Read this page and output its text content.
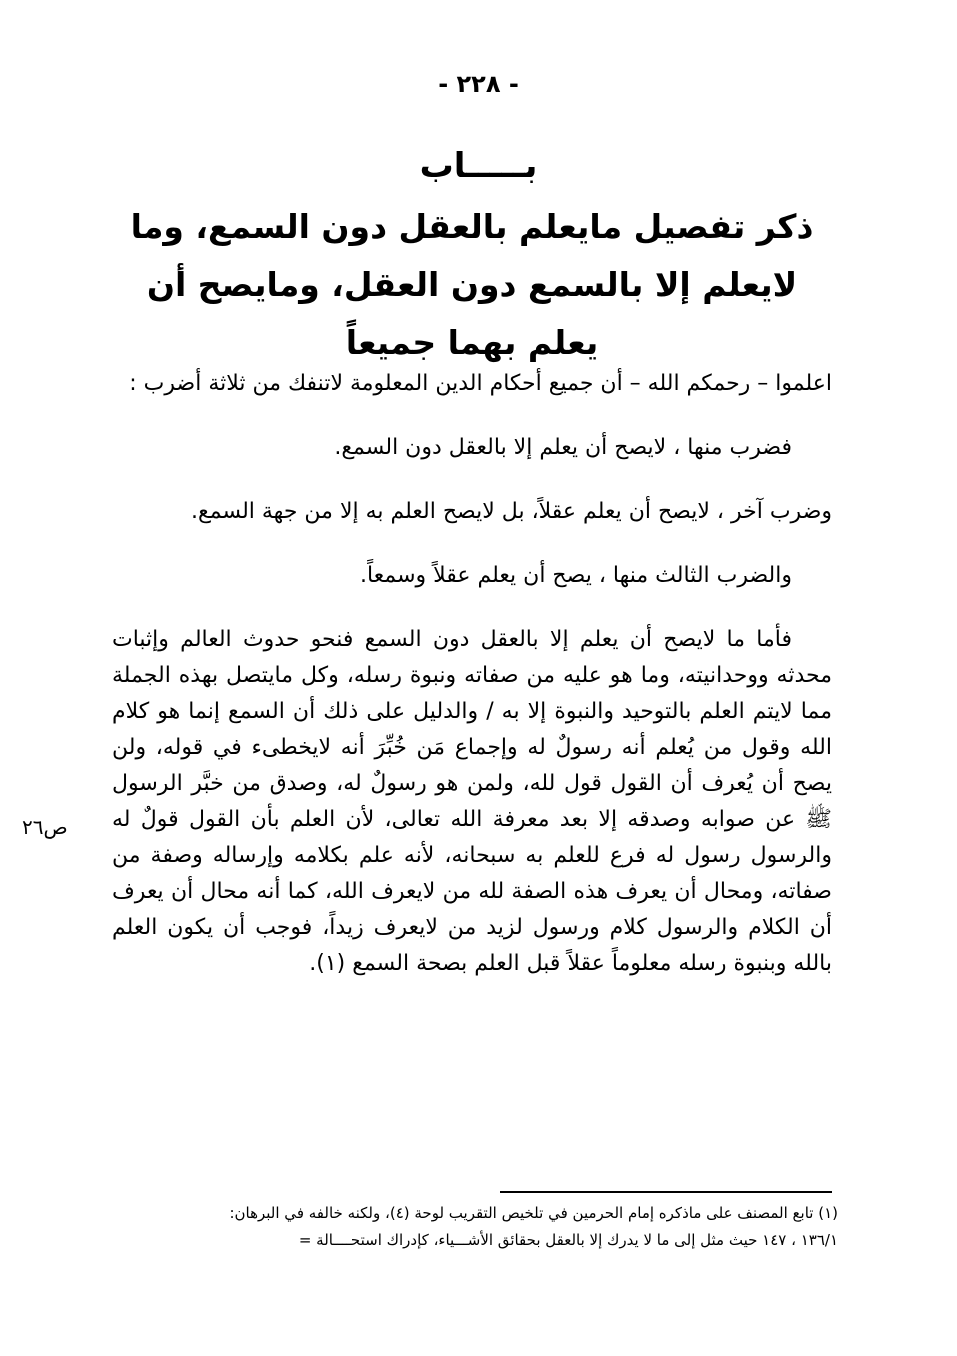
- ٢٢٨ -
بـــــاب
ذكر تفصيل مايعلم بالعقل دون السمع، وما لايعلم إلا بالسمع دون العقل، ومايصح أن يعلم بهما جميعاً

اعلموا – رحمكم الله – أن جميع أحكام الدين المعلومة لاتنفك من ثلاثة أضرب :

فضرب منها ، لايصح أن يعلم إلا بالعقل دون السمع.

وضرب آخر ، لايصح أن يعلم عقلاً، بل لايصح العلم به إلا من جهة السمع.

والضرب الثالث منها ، يصح أن يعلم عقلاً وسمعاً.

فأما ما لايصح أن يعلم إلا بالعقل دون السمع فنحو حدوث العالم وإثبات محدثه ووحدانيته، وما هو عليه من صفاته ونبوة رسله، وكل مايتصل بهذه الجملة مما لايتم العلم بالتوحيد والنبوة إلا به / والدليل على ذلك أن السمع إنما هو كلام الله وقول من يُعلم أنه رسولٌ له وإجماع مَن خُبِّرَ أنه لايخطىء في قوله، ولن يصح أن يُعرف أن القول قول لله، ولمن هو رسولٌ له، وصدق من خبَّر الرسول ﷺ عن صوابه وصدقه إلا بعد معرفة الله تعالى، لأن العلم بأن القول قولٌ له والرسول رسول له فرع للعلم به سبحانه، لأنه علم بكلامه وإرساله وصفة من صفاته، ومحال أن يعرف هذه الصفة لله من لايعرف الله، كما أنه محال أن يعرف أن الكلام والرسول كلام ورسول لزيد من لايعرف زيداً، فوجب أن يكون العلم بالله وبنبوة رسله معلوماً عقلاً قبل العلم بصحة السمع (١).

ص٢٦
(١) تابع المصنف على ماذكره إمام الحرمين في تلخيص التقريب لوحة (٤)، ولكنه خالفه في البرهان:
١٣٦/١ ، ١٤٧ حيث مثل إلى ما لا يدرك إلا بالعقل بحقائق الأشـــياء، كإدراك استحــــالة =
